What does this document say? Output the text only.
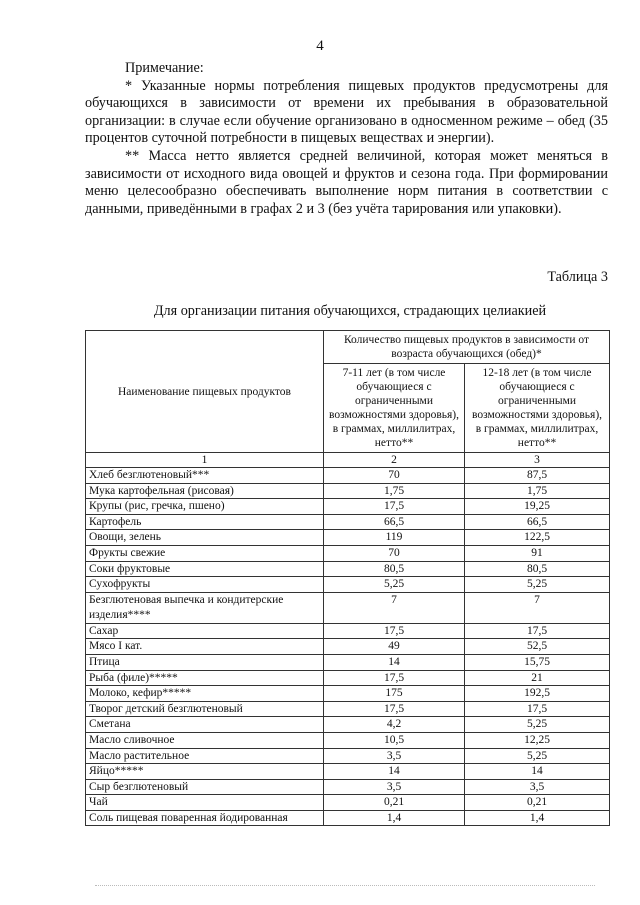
4

Примечание:

* Указанные нормы потребления пищевых продуктов предусмотрены для обучающихся в зависимости от времени их пребывания в образовательной организации: в случае если обучение организовано в односменном режиме – обед (35 процентов суточной потребности в пищевых веществах и энергии).

** Масса нетто является средней величиной, которая может меняться в зависимости от исходного вида овощей и фруктов и сезона года. При формировании меню целесообразно обеспечивать выполнение норм питания в соответствии с данными, приведёнными в графах 2 и 3 (без учёта тарирования или упаковки).

Таблица 3
Для организации питания обучающихся, страдающих целиакией
Наименование пищевых продуктов	Количество пищевых продуктов в зависимости от возраста обучающихся (обед)*	
	7-11 лет (в том числе обучающиеся с ограниченными возможностями здоровья), в граммах, миллилитрах, нетто**	12-18 лет (в том числе обучающиеся с ограниченными возможностями здоровья), в граммах, миллилитрах, нетто**
1	2	3
Хлеб безглютеновый***	70	87,5
Мука картофельная (рисовая)	1,75	1,75
Крупы (рис, гречка, пшено)	17,5	19,25
Картофель	66,5	66,5
Овощи, зелень	119	122,5
Фрукты свежие	70	91
Соки фруктовые	80,5	80,5
Сухофрукты	5,25	5,25
Безглютеновая выпечка и кондитерские изделия****	7	7
Сахар	17,5	17,5
Мясо I кат.	49	52,5
Птица	14	15,75
Рыба (филе)*****	17,5	21
Молоко, кефир*****	175	192,5
Творог детский безглютеновый	17,5	17,5
Сметана	4,2	5,25
Масло сливочное	10,5	12,25
Масло растительное	3,5	5,25
Яйцо*****	14	14
Сыр безглютеновый	3,5	3,5
Чай	0,21	0,21
Соль пищевая поваренная йодированная	1,4	1,4
